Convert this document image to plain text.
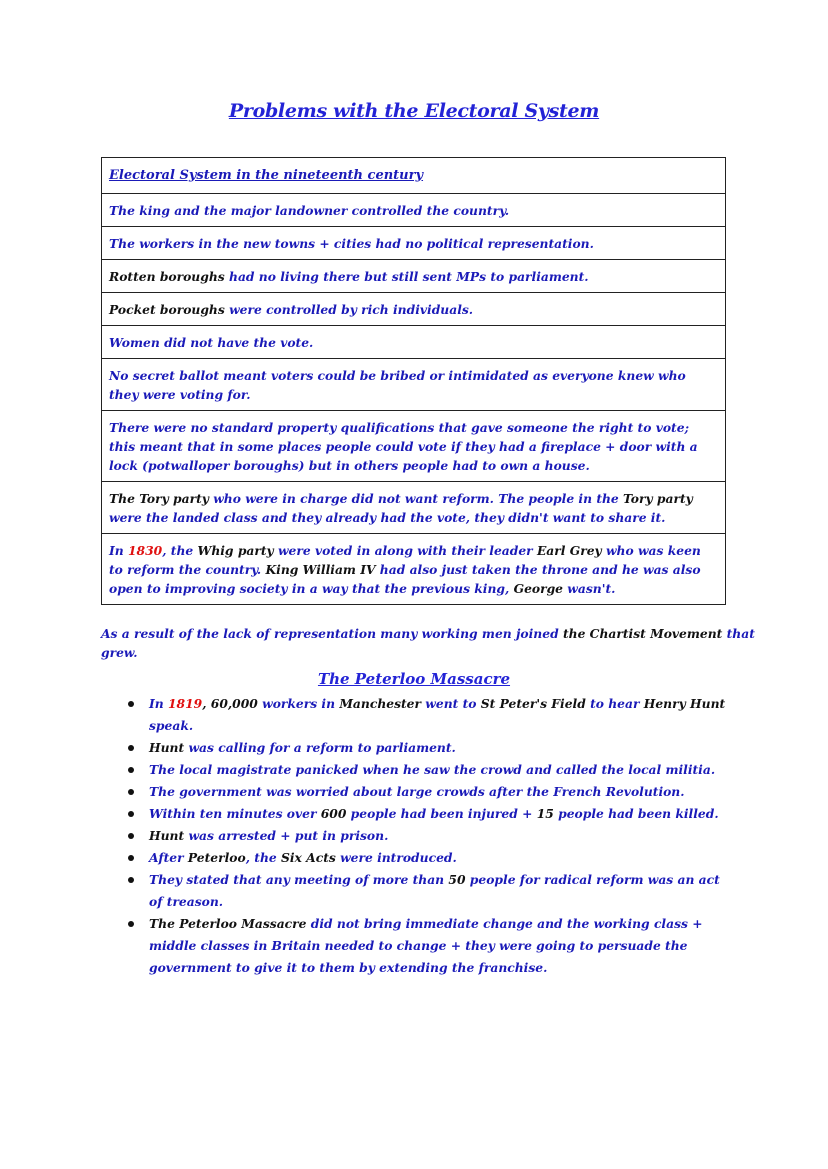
Problems with the Electoral System
Electoral System in the nineteenth century
The king and the major landowner controlled the country.
The workers in the new towns + cities had no political representation.
Rotten boroughs had no living there but still sent MPs to parliament.
Pocket boroughs were controlled by rich individuals.
Women did not have the vote.
No secret ballot meant voters could be bribed or intimidated as everyone knew who they were voting for.
There were no standard property qualifications that gave someone the right to vote; this meant that in some places people could vote if they had a fireplace + door with a lock (potwalloper boroughs) but in others people had to own a house.
The Tory party who were in charge did not want reform. The people in the Tory party were the landed class and they already had the vote, they didn't want to share it.
In 1830, the Whig party were voted in along with their leader Earl Grey who was keen to reform the country. King William IV had also just taken the throne and he was also open to improving society in a way that the previous king, George wasn't.
As a result of the lack of representation many working men joined the Chartist Movement that grew.
The Peterloo Massacre
In 1819, 60,000 workers in Manchester went to St Peter's Field to hear Henry Hunt speak.
Hunt was calling for a reform to parliament.
The local magistrate panicked when he saw the crowd and called the local militia.
The government was worried about large crowds after the French Revolution.
Within ten minutes over 600 people had been injured + 15 people had been killed.
Hunt was arrested + put in prison.
After Peterloo, the Six Acts were introduced.
They stated that any meeting of more than 50 people for radical reform was an act of treason.
The Peterloo Massacre did not bring immediate change and the working class + middle classes in Britain needed to change + they were going to persuade the government to give it to them by extending the franchise.
